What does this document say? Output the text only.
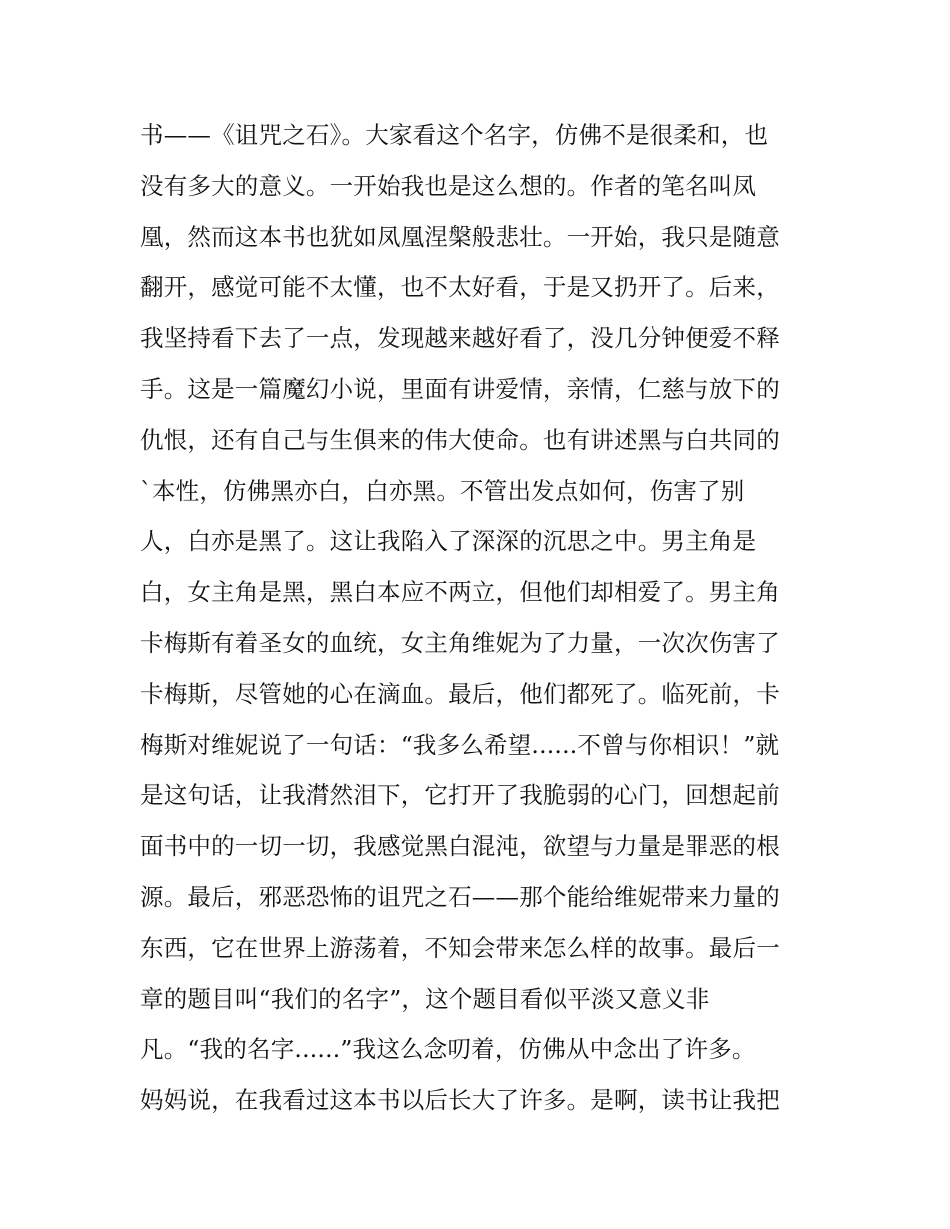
书——《诅咒之石》。大家看这个名字，仿佛不是很柔和，也
没有多大的意义。一开始我也是这么想的。作者的笔名叫凤
凰，然而这本书也犹如凤凰涅槃般悲壮。一开始，我只是随意
翻开，感觉可能不太懂，也不太好看，于是又扔开了。后来，
我坚持看下去了一点，发现越来越好看了，没几分钟便爱不释
手。这是一篇魔幻小说，里面有讲爱情，亲情，仁慈与放下的
仇恨，还有自己与生俱来的伟大使命。也有讲述黑与白共同的
`本性，仿佛黑亦白，白亦黑。不管出发点如何，伤害了别
人，白亦是黑了。这让我陷入了深深的沉思之中。男主角是
白，女主角是黑，黑白本应不两立，但他们却相爱了。男主角
卡梅斯有着圣女的血统，女主角维妮为了力量，一次次伤害了
卡梅斯，尽管她的心在滴血。最后，他们都死了。临死前，卡
梅斯对维妮说了一句话：“我多么希望......不曾与你相识！”就
是这句话，让我潸然泪下，它打开了我脆弱的心门，回想起前
面书中的一切一切，我感觉黑白混沌，欲望与力量是罪恶的根
源。最后，邪恶恐怖的诅咒之石——那个能给维妮带来力量的
东西，它在世界上游荡着，不知会带来怎么样的故事。最后一
章的题目叫“我们的名字”，这个题目看似平淡又意义非
凡。“我的名字......”我这么念叨着，仿佛从中念出了许多。
妈妈说，在我看过这本书以后长大了许多。是啊，读书让我把
